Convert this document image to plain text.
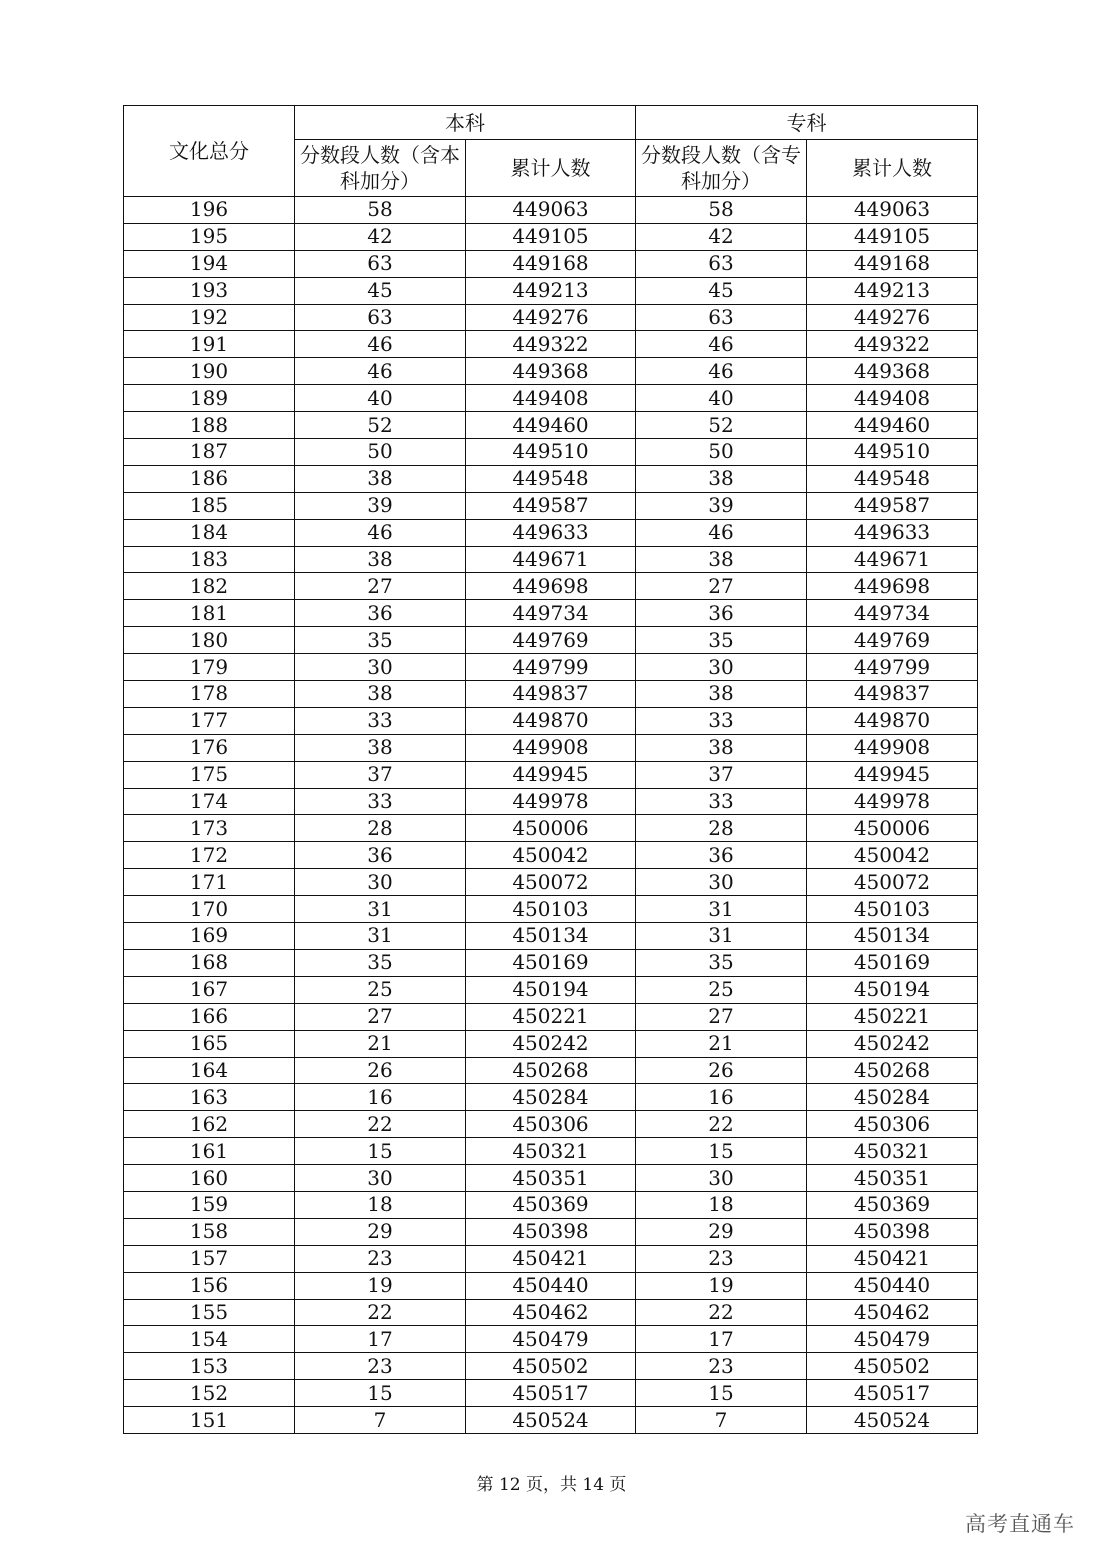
文化总分	本科		专科	
	分数段人数（含本科加分）	累计人数	分数段人数（含专科加分）	累计人数
196	58	449063	58	449063
195	42	449105	42	449105
194	63	449168	63	449168
193	45	449213	45	449213
192	63	449276	63	449276
191	46	449322	46	449322
190	46	449368	46	449368
189	40	449408	40	449408
188	52	449460	52	449460
187	50	449510	50	449510
186	38	449548	38	449548
185	39	449587	39	449587
184	46	449633	46	449633
183	38	449671	38	449671
182	27	449698	27	449698
181	36	449734	36	449734
180	35	449769	35	449769
179	30	449799	30	449799
178	38	449837	38	449837
177	33	449870	33	449870
176	38	449908	38	449908
175	37	449945	37	449945
174	33	449978	33	449978
173	28	450006	28	450006
172	36	450042	36	450042
171	30	450072	30	450072
170	31	450103	31	450103
169	31	450134	31	450134
168	35	450169	35	450169
167	25	450194	25	450194
166	27	450221	27	450221
165	21	450242	21	450242
164	26	450268	26	450268
163	16	450284	16	450284
162	22	450306	22	450306
161	15	450321	15	450321
160	30	450351	30	450351
159	18	450369	18	450369
158	29	450398	29	450398
157	23	450421	23	450421
156	19	450440	19	450440
155	22	450462	22	450462
154	17	450479	17	450479
153	23	450502	23	450502
152	15	450517	15	450517
151	7	450524	7	450524
第 12 页，共 14 页
高考直通车
